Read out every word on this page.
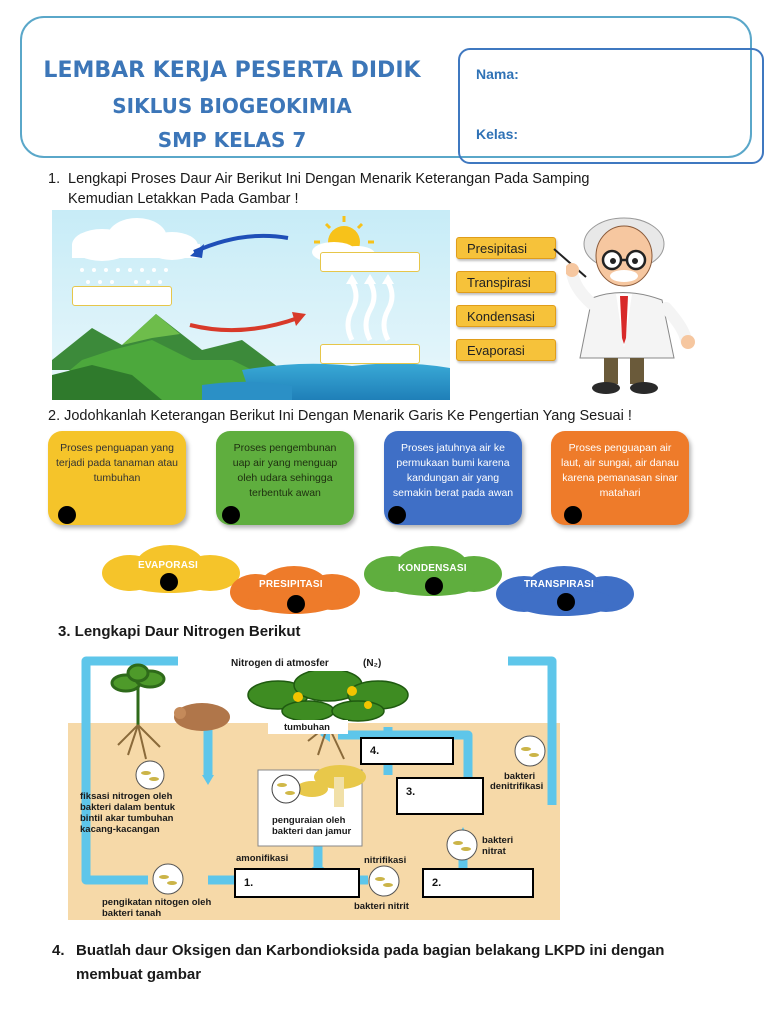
LEMBAR KERJA PESERTA DIDIK
SIKLUS BIOGEOKIMIA
SMP KELAS 7
Nama:
Kelas:
1. Lengkapi Proses Daur Air Berikut Ini Dengan Menarik Keterangan Pada Samping
Kemudian Letakkan Pada Gambar !
Presipitasi
Transpirasi
Kondensasi
Evaporasi
2. Jodohkanlah Keterangan Berikut Ini Dengan Menarik Garis Ke Pengertian Yang Sesuai !
Proses penguapan yang terjadi pada tanaman atau tumbuhan
Proses pengembunan uap air yang menguap oleh udara sehingga terbentuk awan
Proses jatuhnya air ke permukaan bumi karena kandungan air yang semakin berat pada awan
Proses penguapan air laut, air sungai, air danau karena pemanasan sinar matahari
EVAPORASI
PRESIPITASI
KONDENSASI
TRANSPIRASI
3. Lengkapi Daur Nitrogen Berikut
Nitrogen di atmosfer	(N₂)
tumbuhan
fiksasi nitrogen oleh
bakteri dalam bentuk
bintil akar tumbuhan
kacang-kacangan
penguraian oleh
bakteri dan jamur
amonifikasi	nitrifikasi
bakteri
denitrifikasi
bakteri
nitrat
pengikatan nitogen oleh
bakteri tanah
bakteri nitrit
1.	2.
3.
4.
4. Buatlah daur Oksigen dan Karbondioksida pada bagian belakang LKPD ini dengan
membuat gambar
